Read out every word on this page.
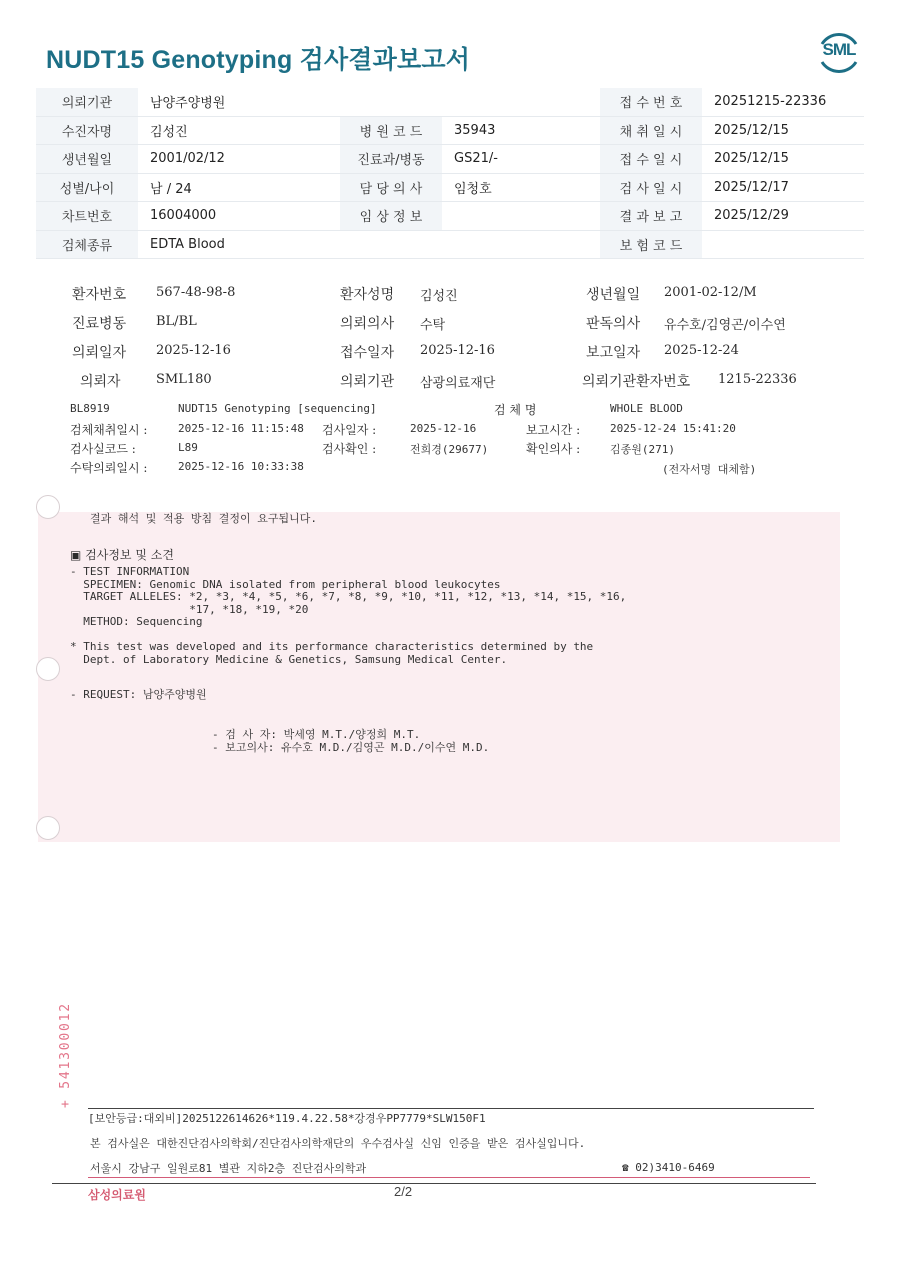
NUDT15 Genotyping 검사결과보고서	SML
의뢰기관	남양주양병원			접 수 번 호	20251215-22336
수진자명	김성진	병 원 코 드	35943	채 취 일 시	2025/12/15
생년월일	2001/02/12	진료과/병동	GS21/-	접 수 일 시	2025/12/15
성별/나이	남 / 24	담 당 의 사	임청호	검 사 일 시	2025/12/17
차트번호	16004000	임 상 정 보		결 과 보 고	2025/12/29
검체종류	EDTA Blood			보 험 코 드	
환자번호 567-48-98-8	환자성명 김성진	생년월일 2001-02-12/M
진료병동 BL/BL	의뢰의사 수탁	판독의사 유수호/김영곤/이수연
의뢰일자 2025-12-16	접수일자 2025-12-16	보고일자 2025-12-24
의뢰자	SML180	의뢰기관 삼광의료재단	의뢰기관환자번호 1215-22336
BL8919	NUDT15 Genotyping [sequencing]	검 체 명	WHOLE BLOOD
검체채취일시 :	2025-12-16 11:15:48 검사일자 :	2025-12-16	보고시간 :	2025-12-24 15:41:20
검사실코드 :	L89	검사확인 :	전희경(29677)	확인의사 :	김종원(271)
수탁의뢰일시 :	2025-12-16 10:33:38	(전자서명 대체함)
결과 해석 및 적용 방침 결정이 요구됩니다.
▣ 검사정보 및 소견
- TEST INFORMATION
SPECIMEN: Genomic DNA isolated from peripheral blood leukocytes
TARGET ALLELES: *2, *3, *4, *5, *6, *7, *8, *9, *10, *11, *12, *13, *14, *15, *16,
*17, *18, *19, *20
METHOD: Sequencing

* This test was developed and its performance characteristics determined by the
Dept. of Laboratory Medicine & Genetics, Samsung Medical Center.
- REQUEST: 남양주양병원
- 검 사 자: 박세영 M.T./양정희 M.T.
- 보고의사: 유수호 M.D./김영곤 M.D./이수연 M.D.
+ 541300012
[보안등급:대외비]2025122614626*119.4.22.58*강경우PP7779*SLW150F1
본 검사실은 대한진단검사의학회/진단검사의학재단의 우수검사실 신임 인증을 받은 검사실입니다.
서울시 강남구 일원로81 별관 지하2층 진단검사의학과	☎ 02)3410-6469
삼성의료원	2/2
